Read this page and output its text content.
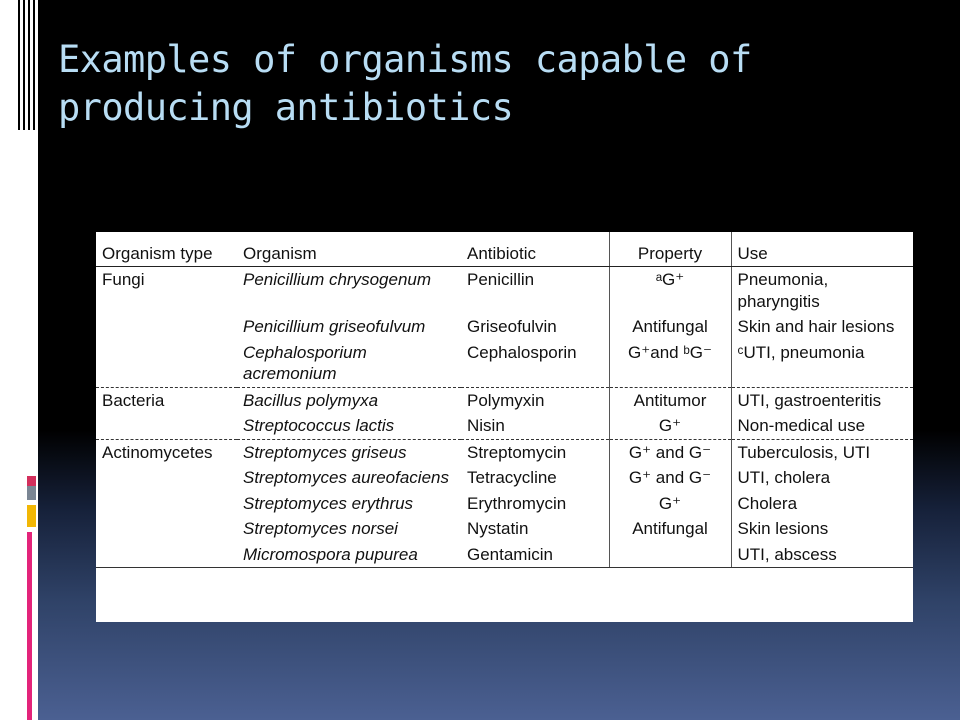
Examples of organisms capable of producing antibiotics
Organism type	Organism	Antibiotic	Property	Use
Fungi	Penicillium chrysogenum	Penicillin	ᵃG⁺	Pneumonia, pharyngitis
	Penicillium griseofulvum	Griseofulvin	Antifungal	Skin and hair lesions
	Cephalosporium acremonium	Cephalosporin	G⁺and ᵇG⁻	ᶜUTI, pneumonia
Bacteria	Bacillus polymyxa	Polymyxin	Antitumor	UTI, gastroenteritis
	Streptococcus lactis	Nisin	G⁺	Non-medical use
Actinomycetes	Streptomyces griseus	Streptomycin	G⁺ and G⁻	Tuberculosis, UTI
	Streptomyces aureofaciens	Tetracycline	G⁺ and G⁻	UTI, cholera
	Streptomyces erythrus	Erythromycin	G⁺	Cholera
	Streptomyces norsei	Nystatin	Antifungal	Skin lesions
	Micromospora pupurea	Gentamicin		UTI, abscess
